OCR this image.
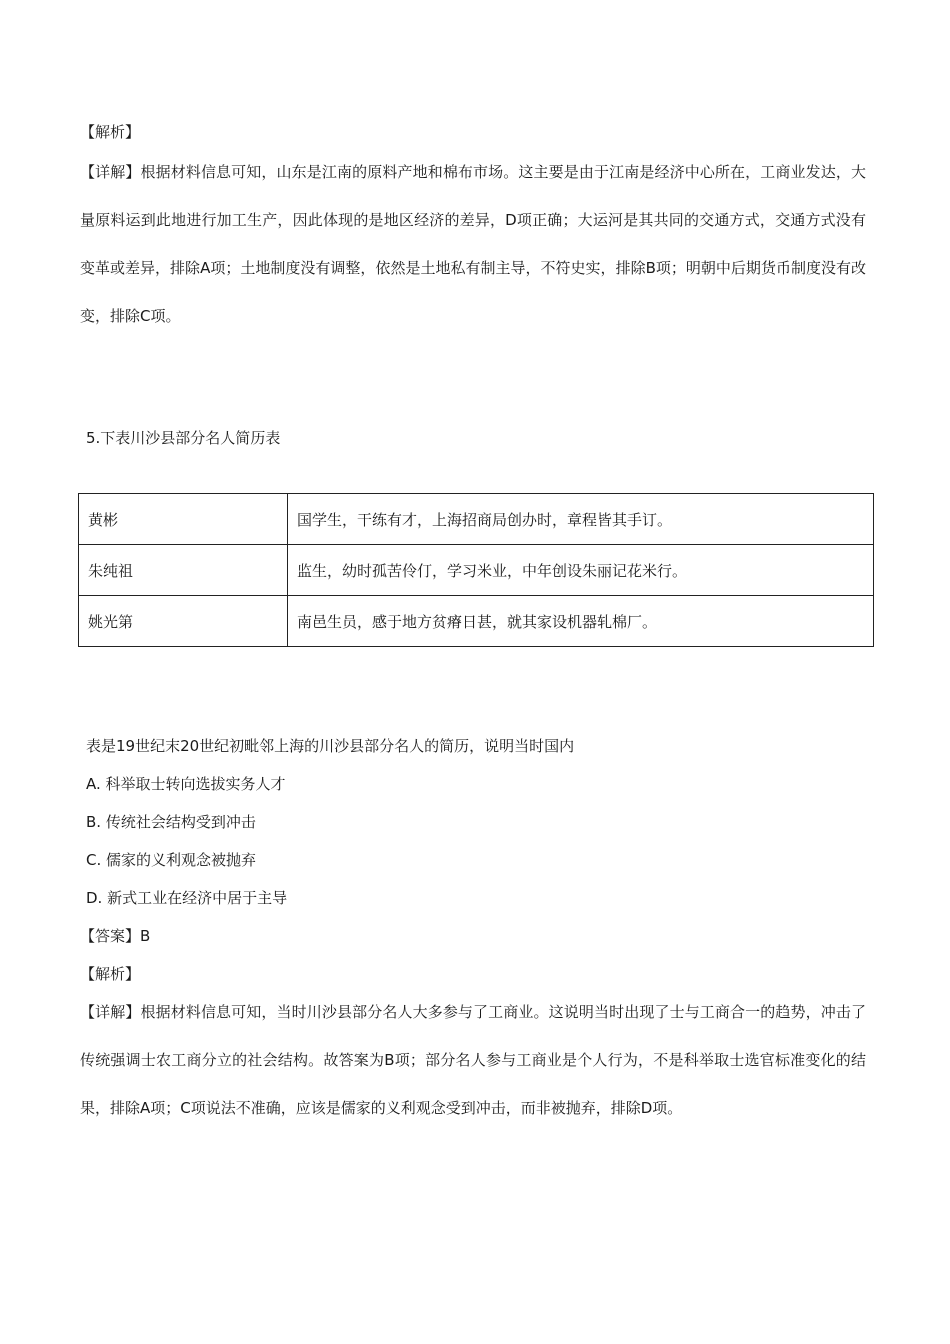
【解析】
【详解】根据材料信息可知，山东是江南的原料产地和棉布市场。这主要是由于江南是经济中心所在，工商业发达，大量原料运到此地进行加工生产，因此体现的是地区经济的差异，D项正确；大运河是其共同的交通方式，交通方式没有变革或差异，排除A项；土地制度没有调整，依然是土地私有制主导，不符史实，排除B项；明朝中后期货币制度没有改变，排除C项。
5.下表川沙县部分名人简历表
黄彬	国学生，干练有才，上海招商局创办时，章程皆其手订。
朱纯祖	监生，幼时孤苦伶仃，学习米业，中年创设朱丽记花米行。
姚光第	南邑生员，感于地方贫瘠日甚，就其家设机器轧棉厂。
表是19世纪末20世纪初毗邻上海的川沙县部分名人的简历，说明当时国内
A. 科举取士转向选拔实务人才
B. 传统社会结构受到冲击
C. 儒家的义利观念被抛弃
D. 新式工业在经济中居于主导
【答案】B
【解析】
【详解】根据材料信息可知，当时川沙县部分名人大多参与了工商业。这说明当时出现了士与工商合一的趋势，冲击了传统强调士农工商分立的社会结构。故答案为B项；部分名人参与工商业是个人行为，不是科举取士选官标准变化的结果，排除A项；C项说法不准确，应该是儒家的义利观念受到冲击，而非被抛弃，排除D项。
